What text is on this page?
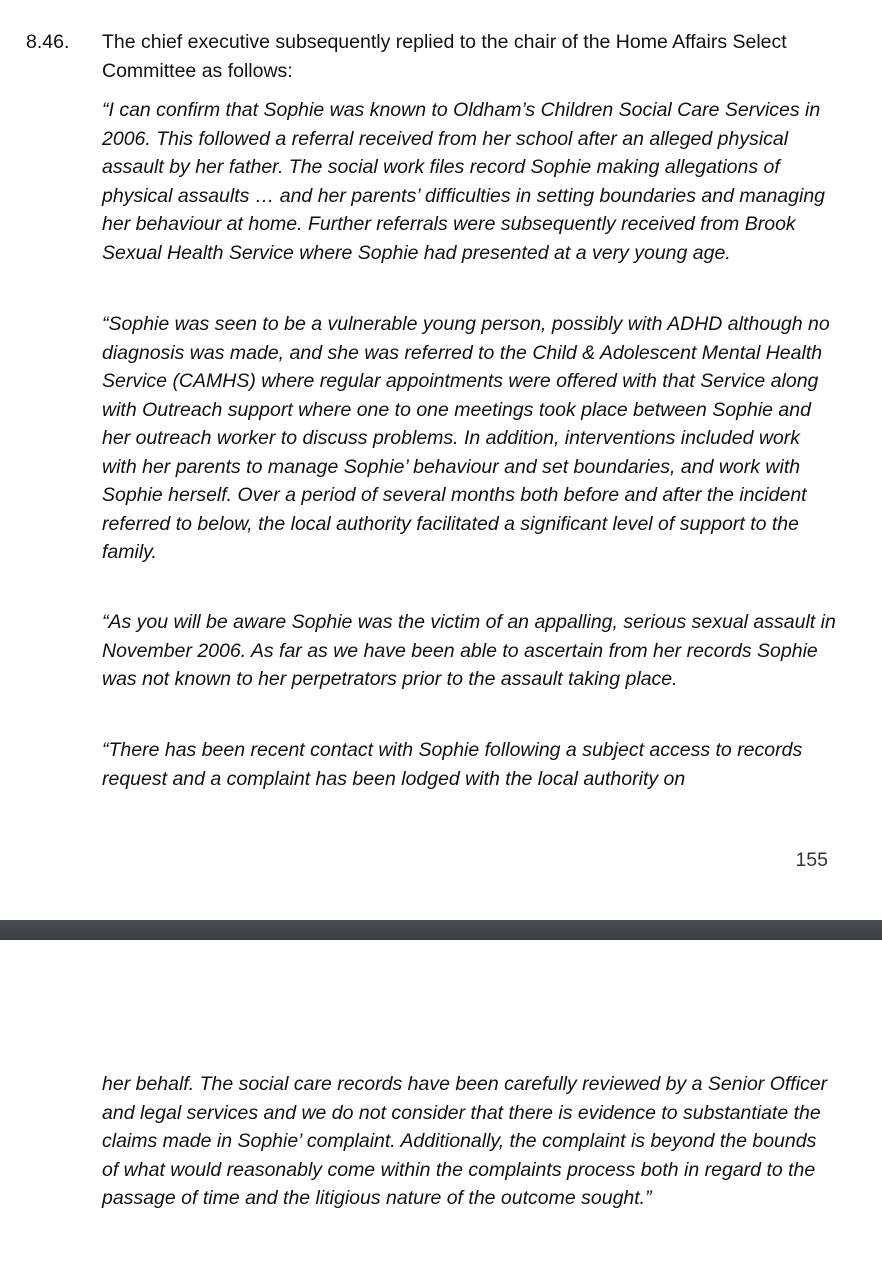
8.46. The chief executive subsequently replied to the chair of the Home Affairs Select Committee as follows:

“I can confirm that Sophie was known to Oldham’s Children Social Care Services in 2006. This followed a referral received from her school after an alleged physical assault by her father. The social work files record Sophie making allegations of physical assaults … and her parents’ difficulties in setting boundaries and managing her behaviour at home. Further referrals were subsequently received from Brook Sexual Health Service where Sophie had presented at a very young age.

“Sophie was seen to be a vulnerable young person, possibly with ADHD although no diagnosis was made, and she was referred to the Child & Adolescent Mental Health Service (CAMHS) where regular appointments were offered with that Service along with Outreach support where one to one meetings took place between Sophie and her outreach worker to discuss problems. In addition, interventions included work with her parents to manage Sophie’ behaviour and set boundaries, and work with Sophie herself. Over a period of several months both before and after the incident referred to below, the local authority facilitated a significant level of support to the family.

“As you will be aware Sophie was the victim of an appalling, serious sexual assault in November 2006. As far as we have been able to ascertain from her records Sophie was not known to her perpetrators prior to the assault taking place.

“There has been recent contact with Sophie following a subject access to records request and a complaint has been lodged with the local authority on

155

her behalf. The social care records have been carefully reviewed by a Senior Officer and legal services and we do not consider that there is evidence to substantiate the claims made in Sophie’ complaint. Additionally, the complaint is beyond the bounds of what would reasonably come within the complaints process both in regard to the passage of time and the litigious nature of the outcome sought.”
